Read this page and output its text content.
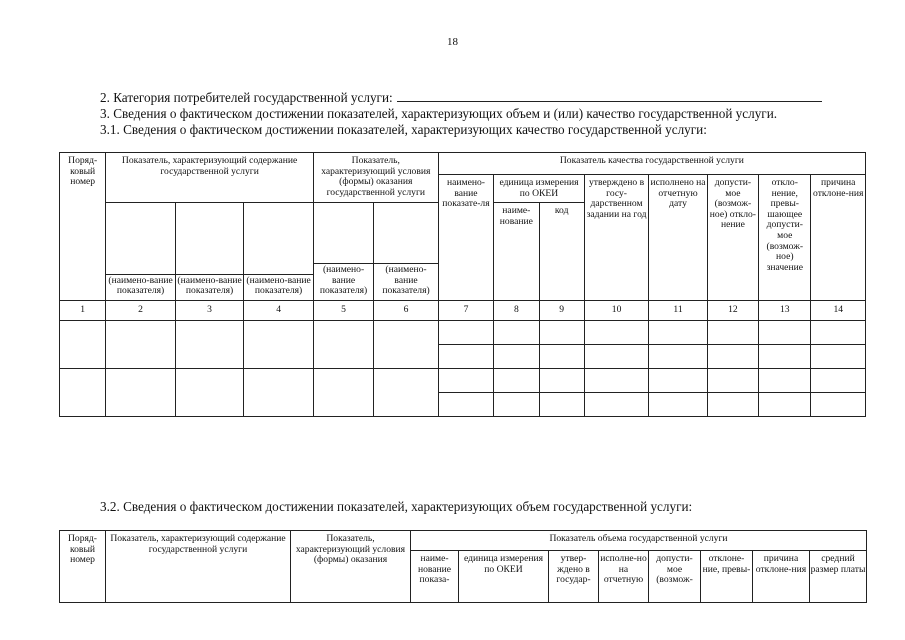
18
2. Категория потребителей государственной услуги:
3. Сведения о фактическом достижении показателей, характеризующих объем и (или) качество государственной услуги.
3.1. Сведения о фактическом достижении показателей, характеризующих качество государственной услуги:
Поряд-ковый номер	Показатель, характеризующий содержание государственной услуги			Показатель, характеризующий условия (формы) оказания государственной услуги		Показатель качества государственной услуги							
						наимено-вание показате-ля	единица измерения по ОКЕИ		утверждено в госу-дарственном задании на год	исполнено на отчетную дату	допусти-мое (возмож-ное) откло-нение	откло-нение, превы-шающее допусти-мое (возмож-ное) значение	причина отклоне-ния
	(наимено-вание показателя)	(наимено-вание показателя)	(наимено-вание показателя)	(наимено-вание показателя)	(наимено-вание показателя)		наиме-нование	код					
1	2	3	4	5	6	7	8	9	10	11	12	13	14

3.2. Сведения о фактическом достижении показателей, характеризующих объем государственной услуги:
Поряд-ковый номер	Показатель, характеризующий содержание государственной услуги	Показатель, характеризующий условия (формы) оказания	Показатель объема государственной услуги							
			наиме-нование показа-	единица измерения по ОКЕИ	утвер-ждено в государ-	исполне-но на отчетную	допусти-мое (возмож-	отклоне-ние, превы-	причина отклоне-ния	средний размер платы
